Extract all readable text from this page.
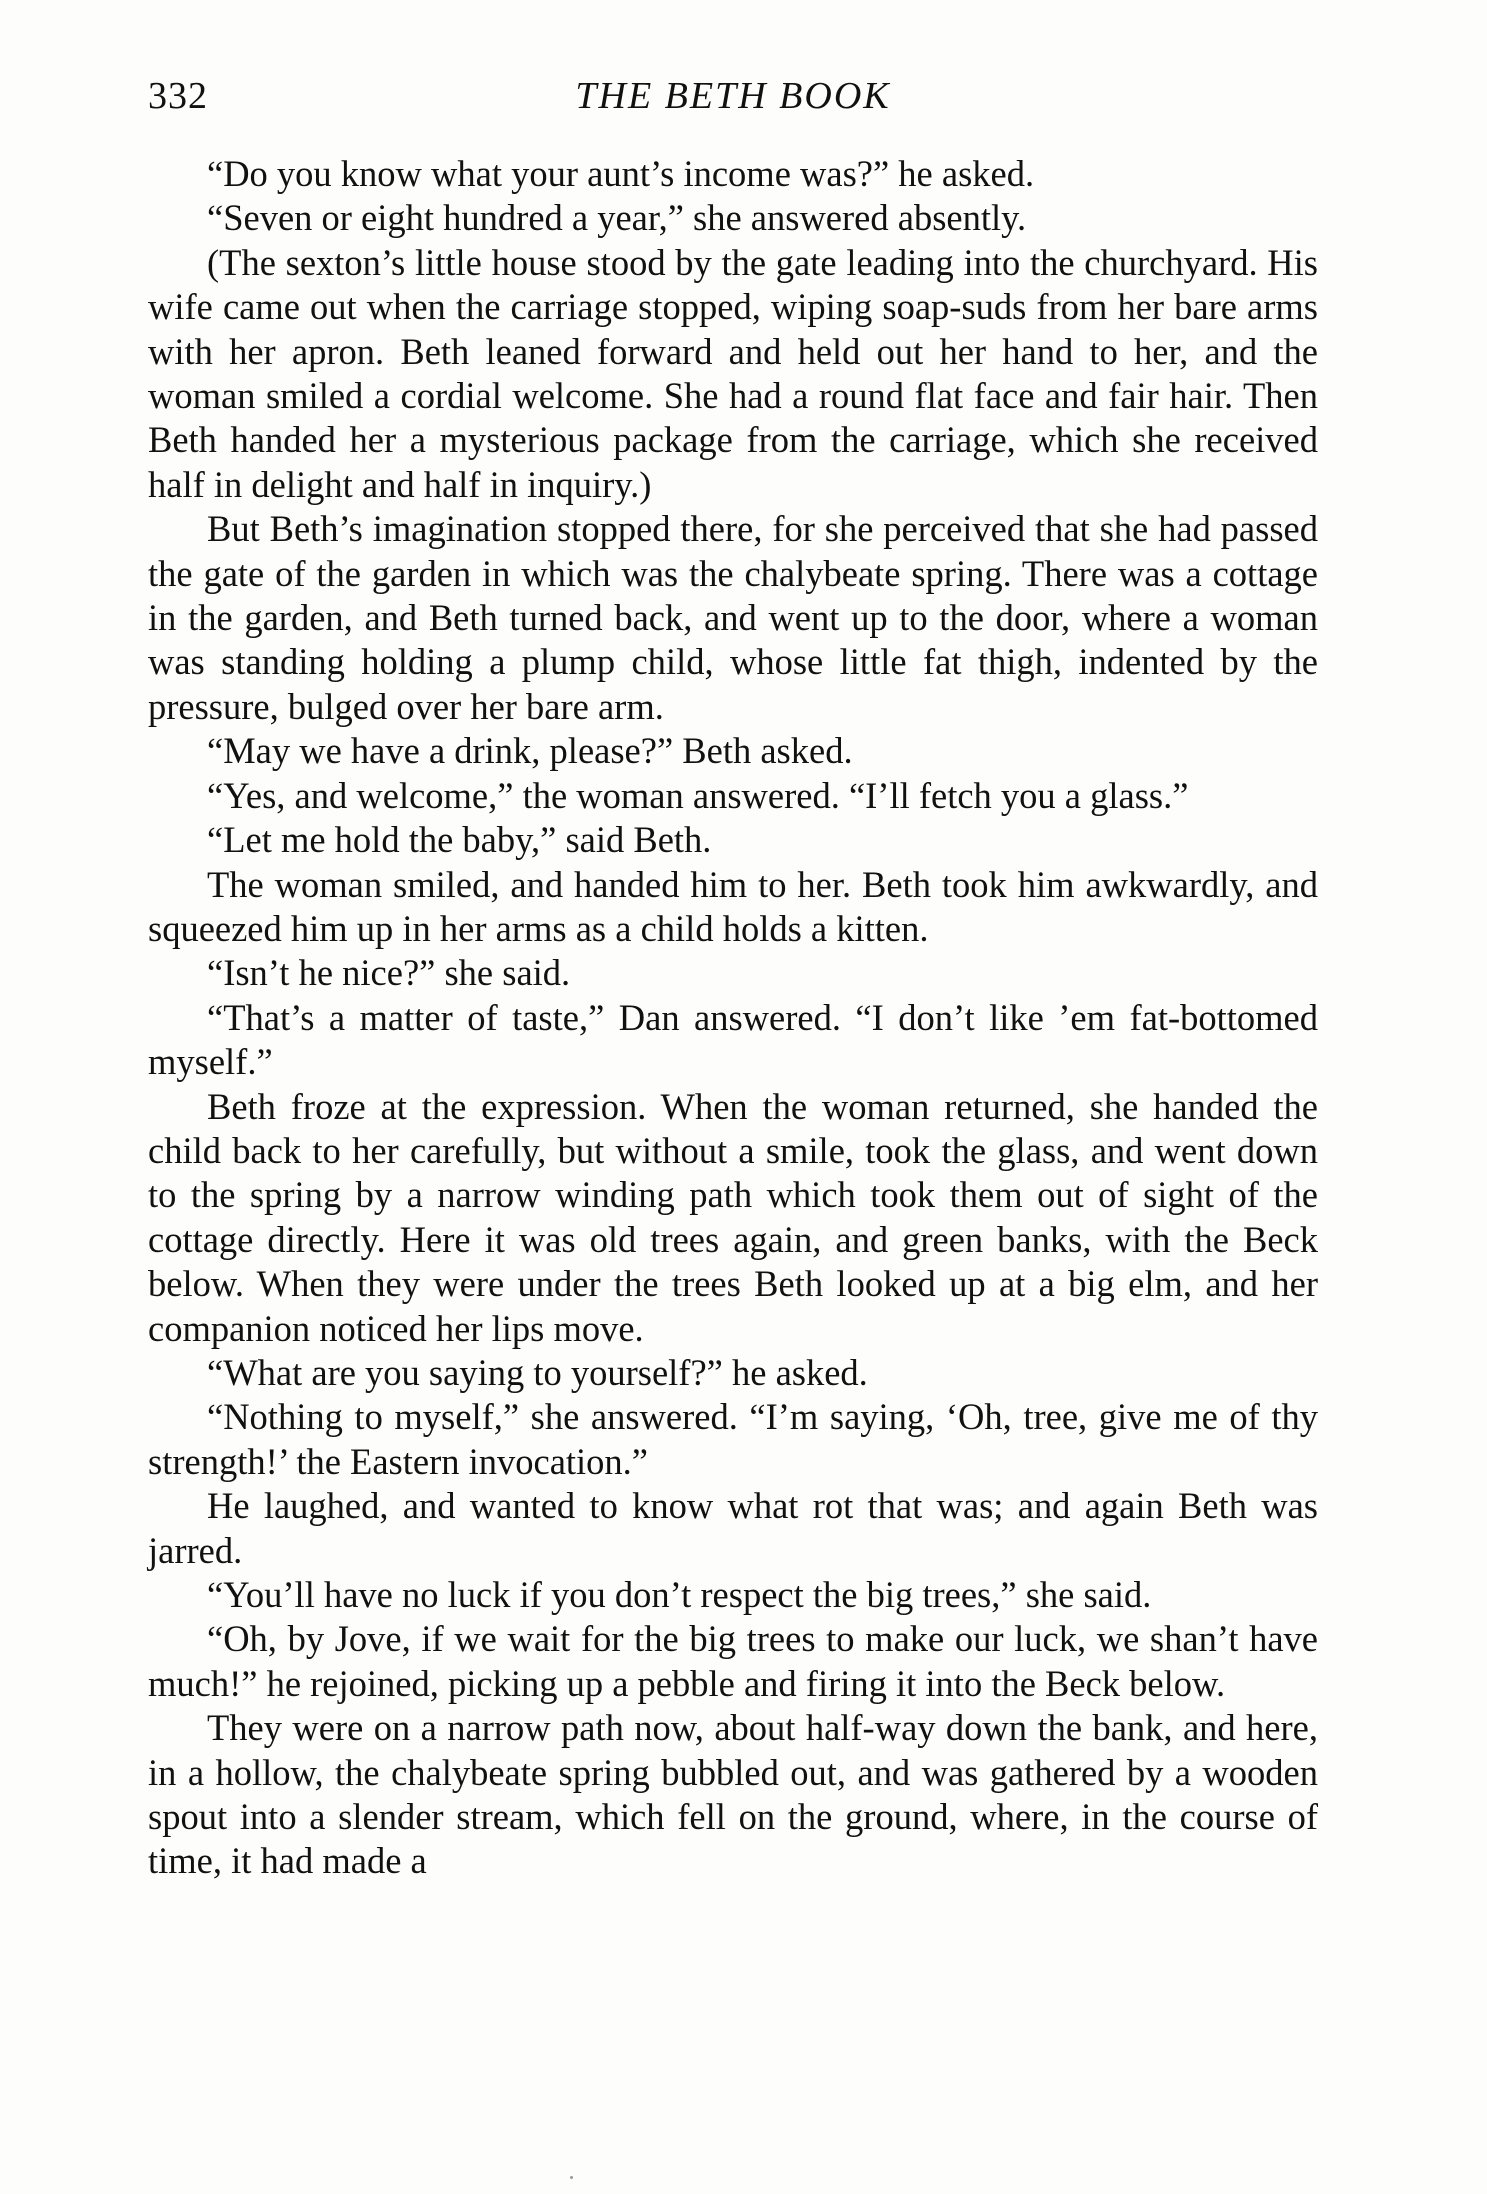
332	THE BETH BOOK

“Do you know what your aunt’s income was?” he asked.

“Seven or eight hundred a year,” she answered absently.

(The sexton’s little house stood by the gate leading into the churchyard. His wife came out when the carriage stopped, wiping soap-suds from her bare arms with her apron. Beth leaned forward and held out her hand to her, and the woman smiled a cordial welcome. She had a round flat face and fair hair. Then Beth handed her a mysterious package from the carriage, which she received half in delight and half in inquiry.)

But Beth’s imagination stopped there, for she perceived that she had passed the gate of the garden in which was the chalybeate spring. There was a cottage in the garden, and Beth turned back, and went up to the door, where a woman was standing holding a plump child, whose little fat thigh, indented by the pressure, bulged over her bare arm.

“May we have a drink, please?” Beth asked.

“Yes, and welcome,” the woman answered. “I’ll fetch you a glass.”

“Let me hold the baby,” said Beth.

The woman smiled, and handed him to her. Beth took him awkwardly, and squeezed him up in her arms as a child holds a kitten.

“Isn’t he nice?” she said.

“That’s a matter of taste,” Dan answered. “I don’t like ’em fat-bottomed myself.”

Beth froze at the expression. When the woman returned, she handed the child back to her carefully, but without a smile, took the glass, and went down to the spring by a narrow winding path which took them out of sight of the cottage directly. Here it was old trees again, and green banks, with the Beck below. When they were under the trees Beth looked up at a big elm, and her companion noticed her lips move.

“What are you saying to yourself?” he asked.

“Nothing to myself,” she answered. “I’m saying, ‘Oh, tree, give me of thy strength!’ the Eastern invocation.”

He laughed, and wanted to know what rot that was; and again Beth was jarred.

“You’ll have no luck if you don’t respect the big trees,” she said.

“Oh, by Jove, if we wait for the big trees to make our luck, we shan’t have much!” he rejoined, picking up a pebble and firing it into the Beck below.

They were on a narrow path now, about half-way down the bank, and here, in a hollow, the chalybeate spring bubbled out, and was gathered by a wooden spout into a slender stream, which fell on the ground, where, in the course of time, it had made a
